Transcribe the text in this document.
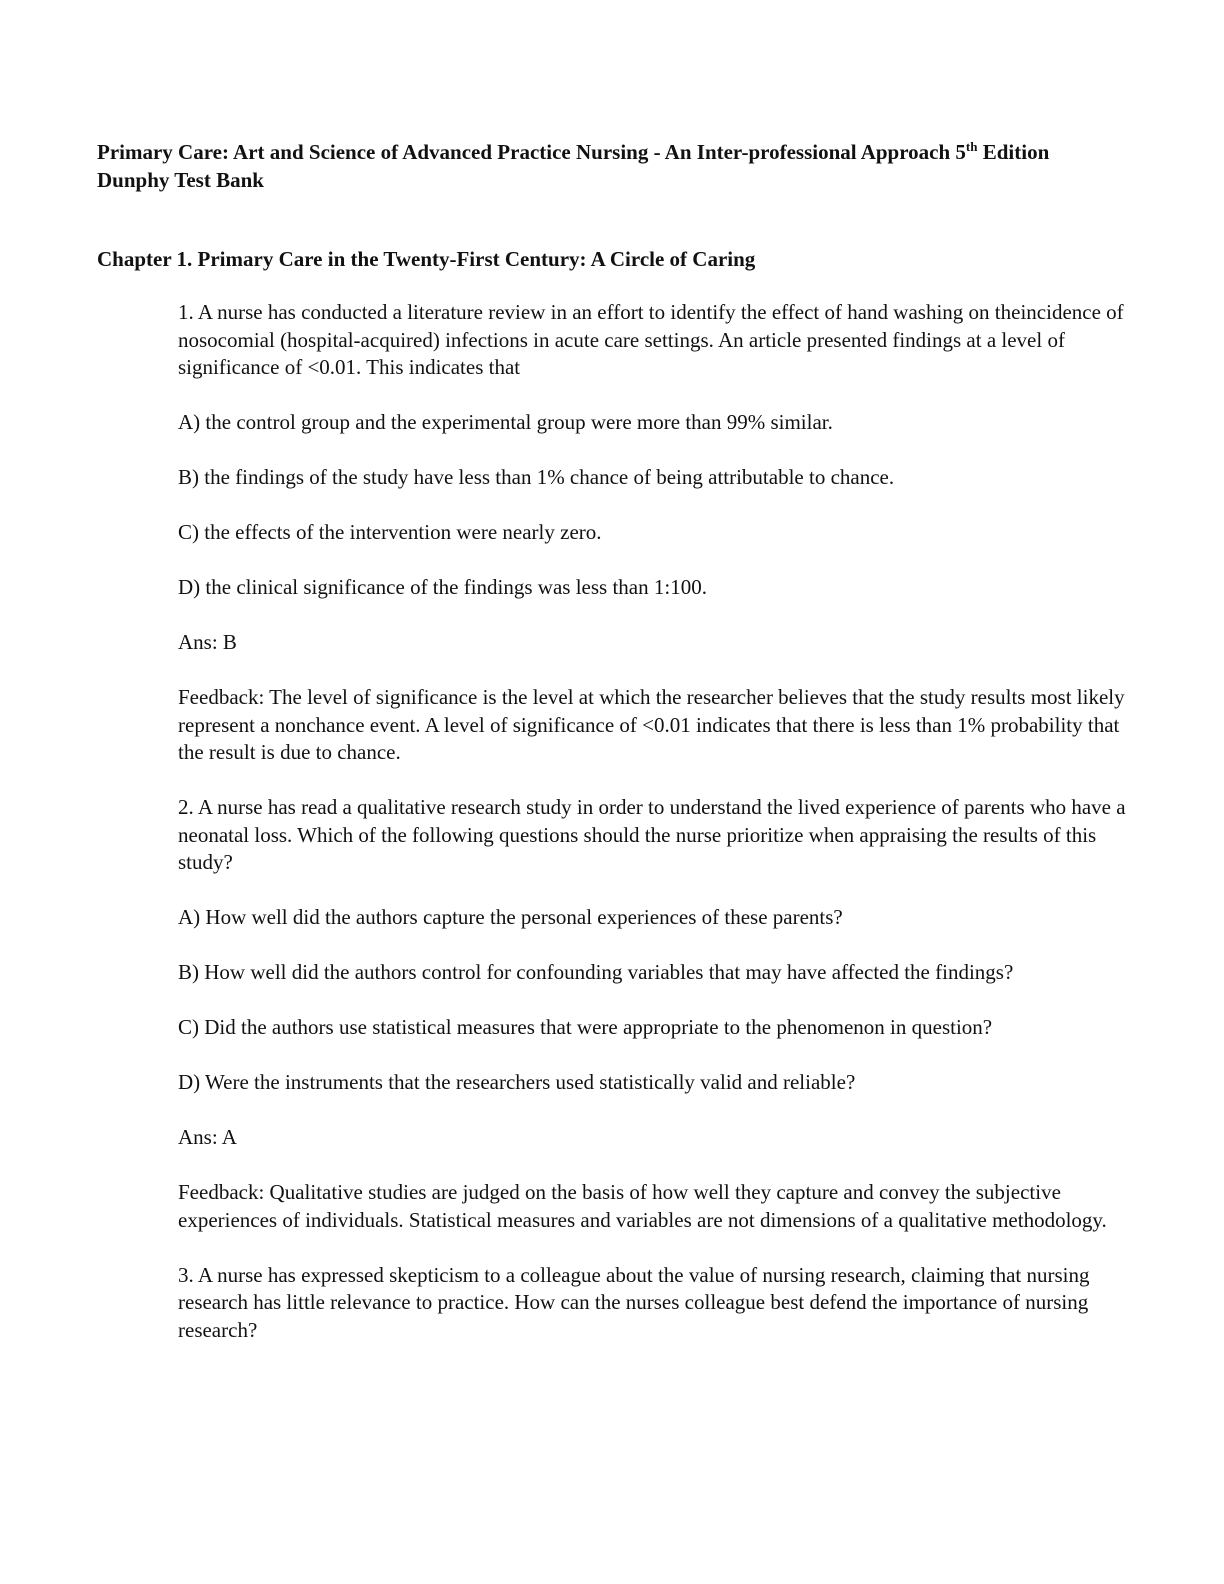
Primary Care: Art and Science of Advanced Practice Nursing - An Inter-professional Approach 5th Edition Dunphy Test Bank
Chapter 1. Primary Care in the Twenty-First Century: A Circle of Caring

1. A nurse has conducted a literature review in an effort to identify the effect of hand washing on theincidence of nosocomial (hospital-acquired) infections in acute care settings. An article presented findings at a level of significance of <0.01. This indicates that

A) the control group and the experimental group were more than 99% similar.

B) the findings of the study have less than 1% chance of being attributable to chance.

C) the effects of the intervention were nearly zero.

D) the clinical significance of the findings was less than 1:100.

Ans: B

Feedback: The level of significance is the level at which the researcher believes that the study results most likely represent a nonchance event. A level of significance of <0.01 indicates that there is less than 1% probability that the result is due to chance.

2. A nurse has read a qualitative research study in order to understand the lived experience of parents who have a neonatal loss. Which of the following questions should the nurse prioritize when appraising the results of this study?

A) How well did the authors capture the personal experiences of these parents?

B) How well did the authors control for confounding variables that may have affected the findings?

C) Did the authors use statistical measures that were appropriate to the phenomenon in question?

D) Were the instruments that the researchers used statistically valid and reliable?

Ans: A

Feedback: Qualitative studies are judged on the basis of how well they capture and convey the subjective experiences of individuals. Statistical measures and variables are not dimensions of a qualitative methodology.

3. A nurse has expressed skepticism to a colleague about the value of nursing research, claiming that nursing research has little relevance to practice. How can the nurses colleague best defend the importance of nursing research?
